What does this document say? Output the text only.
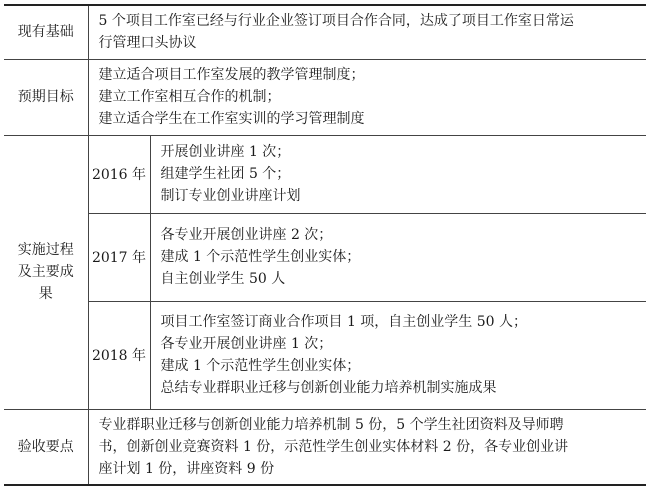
现有基础	5 个项目工作室已经与行业企业签订项目合作合同，达成了项目工作室日常运
行管理口头协议	

预期目标	建立适合项目工作室发展的教学管理制度；
建立工作室相互合作的机制；
建立适合学生在工作室实训的学习管理制度	

实施过程
及主要成
果	2016 年	开展创业讲座 1 次；
组建学生社团 5 个；
制订专业创业讲座计划

	2017 年	各专业开展创业讲座 2 次；
建成 1 个示范性学生创业实体；
自主创业学生 50 人

	2018 年	项目工作室签订商业合作项目 1 项，自主创业学生 50 人；
各专业开展创业讲座 1 次；
建成 1 个示范性学生创业实体；
总结专业群职业迁移与创新创业能力培养机制实施成果

验收要点	专业群职业迁移与创新创业能力培养机制 5 份，5 个学生社团资料及导师聘
书，创新创业竞赛资料 1 份，示范性学生创业实体材料 2 份，各专业创业讲
座计划 1 份，讲座资料 9 份	
